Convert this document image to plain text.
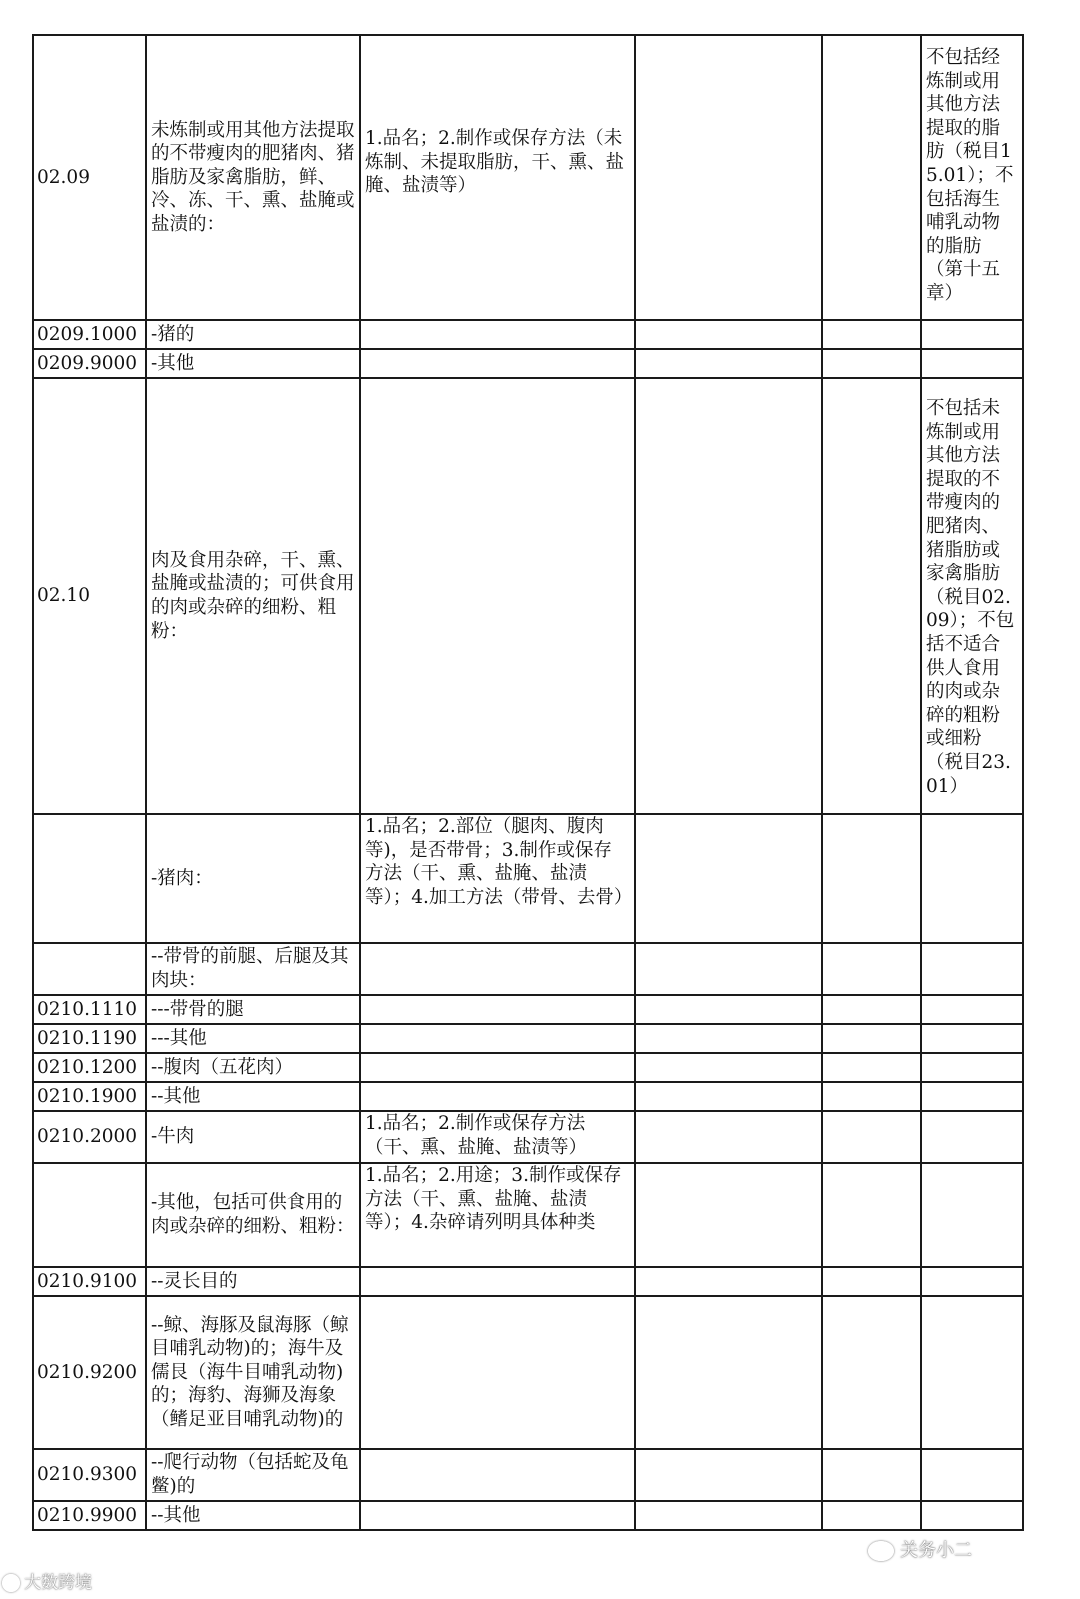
02.09	未炼制或用其他方法提取的不带瘦肉的肥猪肉、猪脂肪及家禽脂肪，鲜、冷、冻、干、熏、盐腌或盐渍的：	1.品名；2.制作或保存方法（未炼制、未提取脂肪，干、熏、盐腌、盐渍等）			不包括经炼制或用其他方法提取的脂肪（税目15.01）；不包括海生哺乳动物的脂肪（第十五章）
0209.1000	-猪的				
0209.9000	-其他				
02.10	肉及食用杂碎，干、熏、盐腌或盐渍的；可供食用的肉或杂碎的细粉、粗粉：				不包括未炼制或用其他方法提取的不带瘦肉的肥猪肉、猪脂肪或家禽脂肪（税目02.09）；不包括不适合供人食用的肉或杂碎的粗粉或细粉（税目23.01）
	-猪肉：	1.品名；2.部位（腿肉、腹肉等)，是否带骨；3.制作或保存方法（干、熏、盐腌、盐渍等）；4.加工方法（带骨、去骨）			
	--带骨的前腿、后腿及其肉块：				
0210.1110	---带骨的腿				
0210.1190	---其他				
0210.1200	--腹肉（五花肉）				
0210.1900	--其他				
0210.2000	-牛肉	1.品名；2.制作或保存方法（干、熏、盐腌、盐渍等）			
	-其他，包括可供食用的肉或杂碎的细粉、粗粉：	1.品名；2.用途；3.制作或保存方法（干、熏、盐腌、盐渍等）；4.杂碎请列明具体种类			
0210.9100	--灵长目的				
0210.9200	--鲸、海豚及鼠海豚（鲸目哺乳动物)的；海牛及儒艮（海牛目哺乳动物)的；海豹、海狮及海象（鳍足亚目哺乳动物)的				
0210.9300	--爬行动物（包括蛇及龟鳖)的				
0210.9900	--其他				
大数跨境
关务小二
